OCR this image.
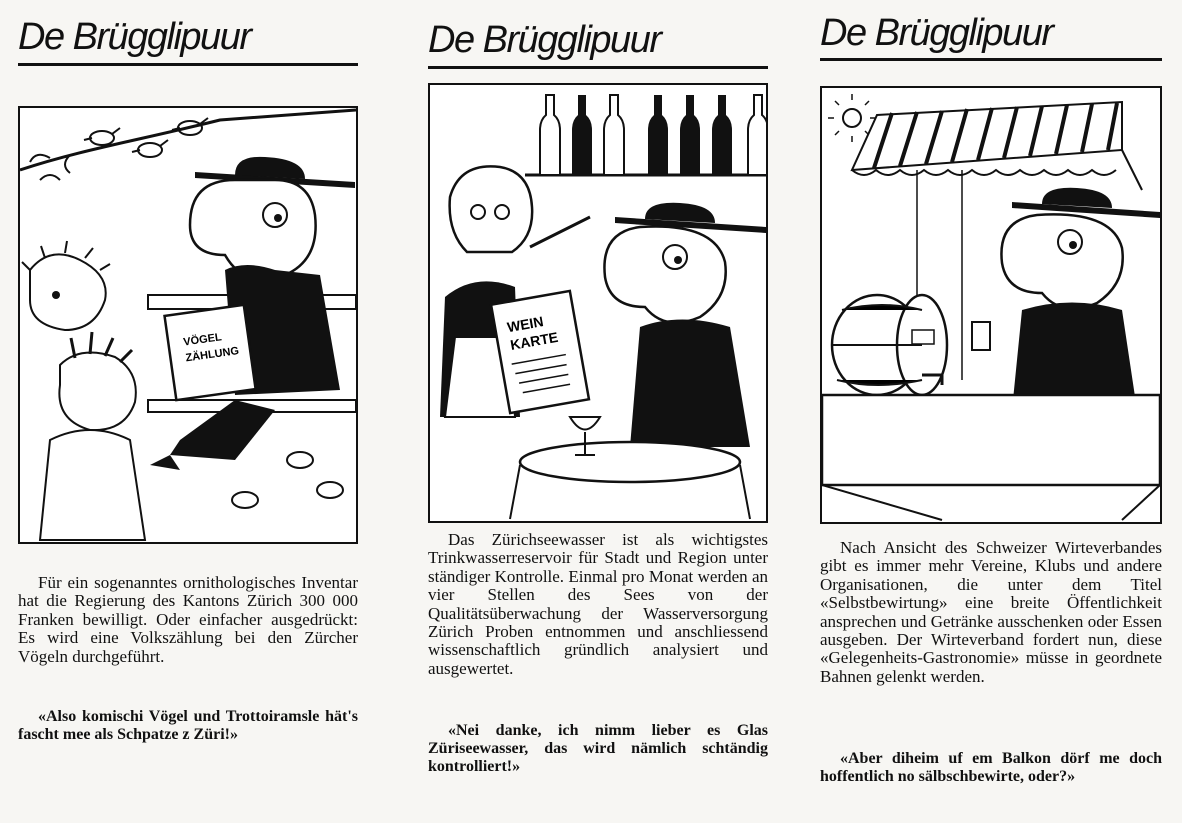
De Brügglipuur
VÖGEL
ZÄHLUNG

Für ein sogenanntes ornithologisches Inventar hat die Regierung des Kantons Zürich 300 000 Franken bewilligt. Oder einfacher ausgedrückt: Es wird eine Volkszählung bei den Zürcher Vögeln durchgeführt.

«Also komischi Vögel und Trottoiramsle hät's fascht mee als Schpatze z Züri!»

De Brügglipuur
WEIN
KARTE

Das Zürichseewasser ist als wichtigstes Trinkwasserreservoir für Stadt und Region unter ständiger Kontrolle. Einmal pro Monat werden an vier Stellen des Sees von der Qualitätsüberwachung der Wasserversorgung Zürich Proben entnommen und anschliessend wissenschaftlich gründlich analysiert und ausgewertet.

«Nei danke, ich nimm lieber es Glas Züriseewasser, das wird nämlich schtändig kontrolliert!»

De Brügglipuur

Nach Ansicht des Schweizer Wirteverbandes gibt es immer mehr Vereine, Klubs und andere Organisationen, die unter dem Titel «Selbstbewirtung» eine breite Öffentlichkeit ansprechen und Getränke ausschenken oder Essen ausgeben. Der Wirteverband fordert nun, diese «Gelegenheits-Gastronomie» müsse in geordnete Bahnen gelenkt werden.

«Aber diheim uf em Balkon dörf me doch hoffentlich no sälbschbewirte, oder?»
